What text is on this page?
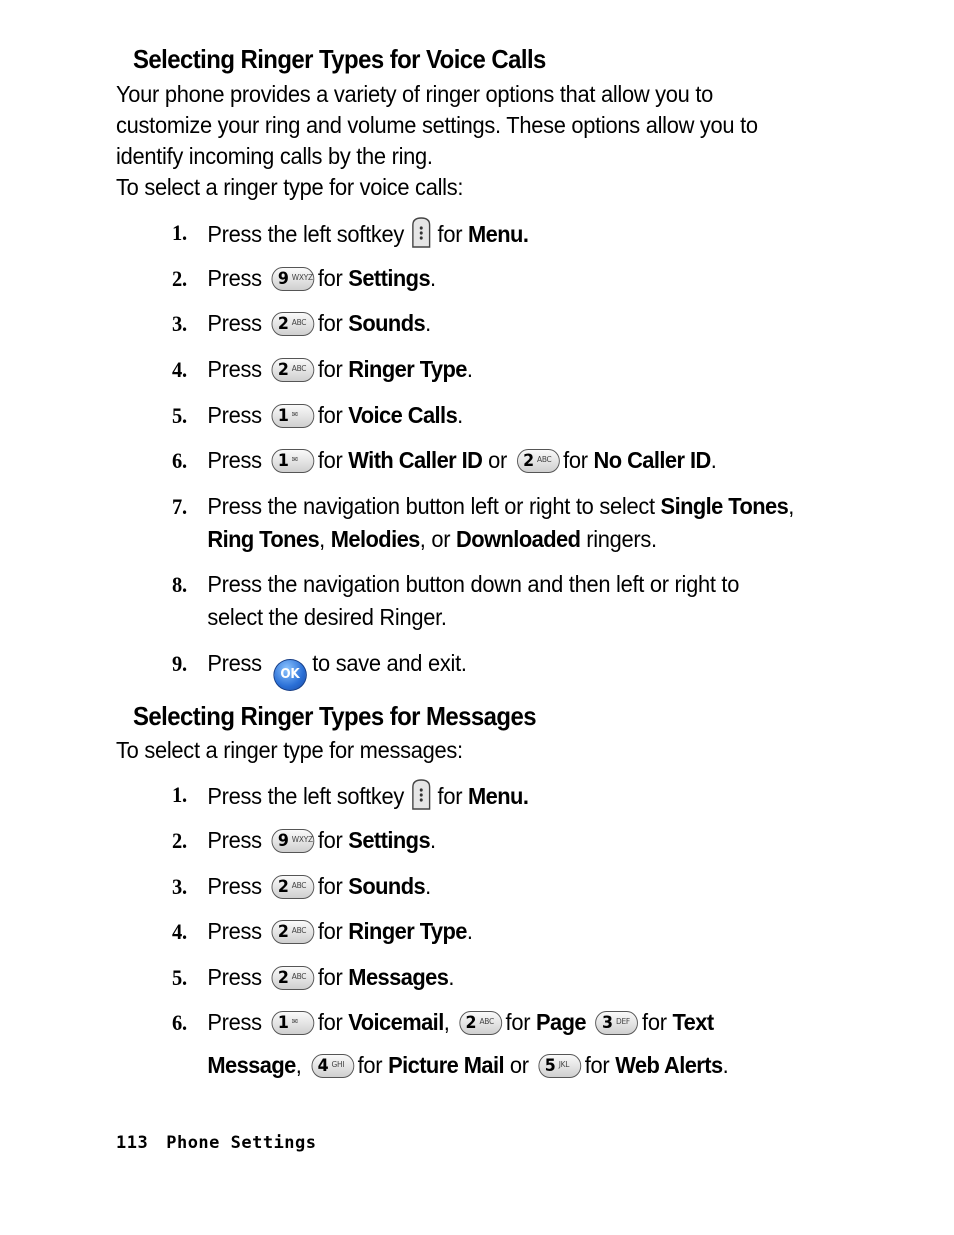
Selecting Ringer Types for Voice Calls
Your phone provides a variety of ringer options that allow you to
customize your ring and volume settings. These options allow you to
identify incoming calls by the ring.
To select a ringer type for voice calls:
1. Press the left softkey for Menu.
2. Press 9 WXYZ for Settings.
3. Press 2 ABC for Sounds.
4. Press 2 ABC for Ringer Type.
5. Press 1 ✉ for Voice Calls.
6. Press 1 ✉ for With Caller ID or 2 ABC for No Caller ID.
7. Press the navigation button left or right to select Single Tones, Ring Tones, Melodies, or Downloaded ringers.
8. Press the navigation button down and then left or right to
select the desired Ringer.
9. Press OK to save and exit.
Selecting Ringer Types for Messages
To select a ringer type for messages:
1. Press the left softkey for Menu.
2. Press 9 WXYZ for Settings.
3. Press 2 ABC for Sounds.
4. Press 2 ABC for Ringer Type.
5. Press 2 ABC for Messages.
6. Press 1 ✉ for Voicemail, 2 ABC for Page 3 DEF for Text Message, 4 GHI for Picture Mail or 5 JKL for Web Alerts.
113 Phone Settings
